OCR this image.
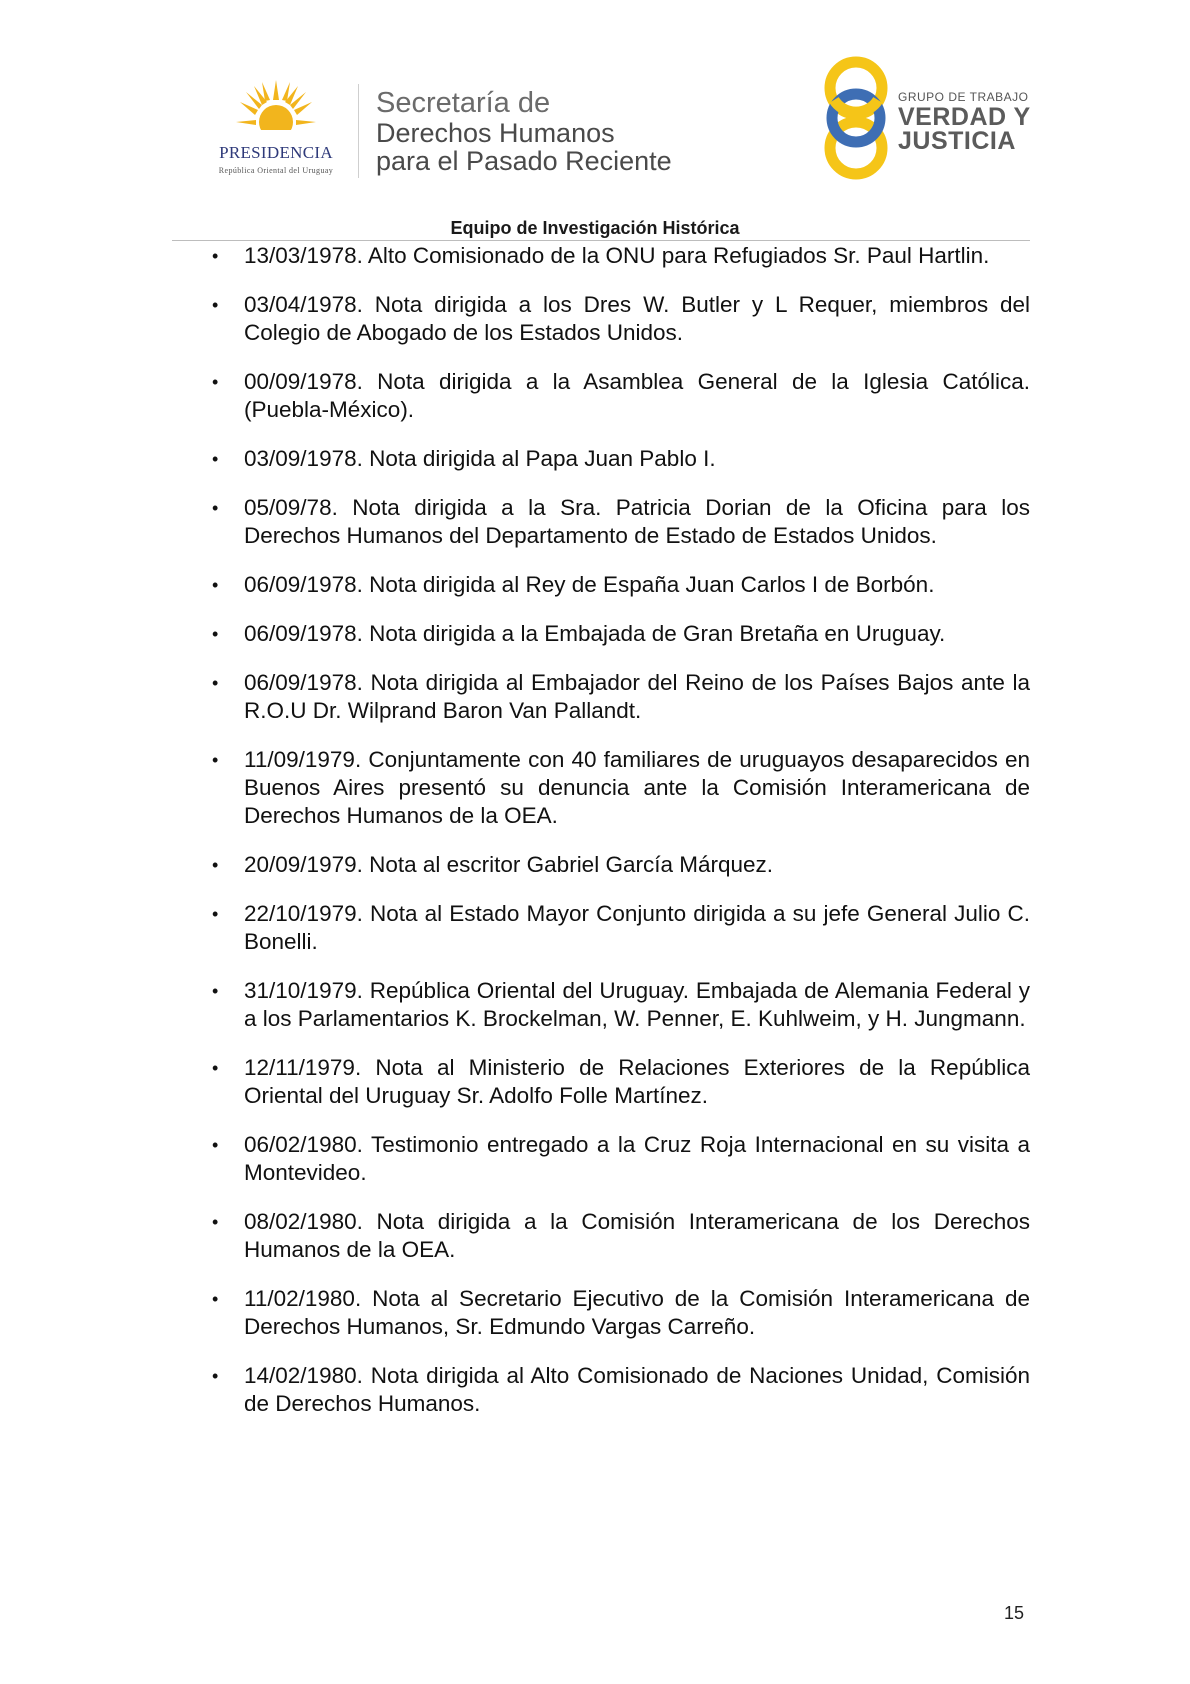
PRESIDENCIA
República Oriental del Uruguay
Secretaría de
Derechos Humanos
para el Pasado Reciente
GRUPO DE TRABAJO
VERDAD Y
JUSTICIA
Equipo de Investigación Histórica
• 13/03/1978. Alto Comisionado de la ONU para Refugiados Sr. Paul Hartlin.
• 03/04/1978. Nota dirigida a los Dres W. Butler y L Requer, miembros del Colegio de Abogado de los Estados Unidos.
• 00/09/1978. Nota dirigida a la Asamblea General de la Iglesia Católica. (Puebla-México).
• 03/09/1978. Nota dirigida al Papa Juan Pablo I.
• 05/09/78. Nota dirigida a la Sra. Patricia Dorian de la Oficina para los Derechos Humanos del Departamento de Estado de Estados Unidos.
• 06/09/1978. Nota dirigida al Rey de España Juan Carlos I de Borbón.
• 06/09/1978. Nota dirigida a la Embajada de Gran Bretaña en Uruguay.
• 06/09/1978. Nota dirigida al Embajador del Reino de los Países Bajos ante la R.O.U Dr. Wilprand Baron Van Pallandt.
• 11/09/1979. Conjuntamente con 40 familiares de uruguayos desaparecidos en Buenos Aires presentó su denuncia ante la Comisión Interamericana de Derechos Humanos de la OEA.
• 20/09/1979. Nota al escritor Gabriel García Márquez.
• 22/10/1979. Nota al Estado Mayor Conjunto dirigida a su jefe General Julio C. Bonelli.
• 31/10/1979. República Oriental del Uruguay. Embajada de Alemania Federal y a los Parlamentarios K. Brockelman, W. Penner, E. Kuhlweim, y H. Jungmann.
• 12/11/1979. Nota al Ministerio de Relaciones Exteriores de la República Oriental del Uruguay Sr. Adolfo Folle Martínez.
• 06/02/1980. Testimonio entregado a la Cruz Roja Internacional en su visita a Montevideo.
• 08/02/1980. Nota dirigida a la Comisión Interamericana de los Derechos Humanos de la OEA.
• 11/02/1980. Nota al Secretario Ejecutivo de la Comisión Interamericana de Derechos Humanos, Sr. Edmundo Vargas Carreño.
• 14/02/1980. Nota dirigida al Alto Comisionado de Naciones Unidad, Comisión de Derechos Humanos.
15
